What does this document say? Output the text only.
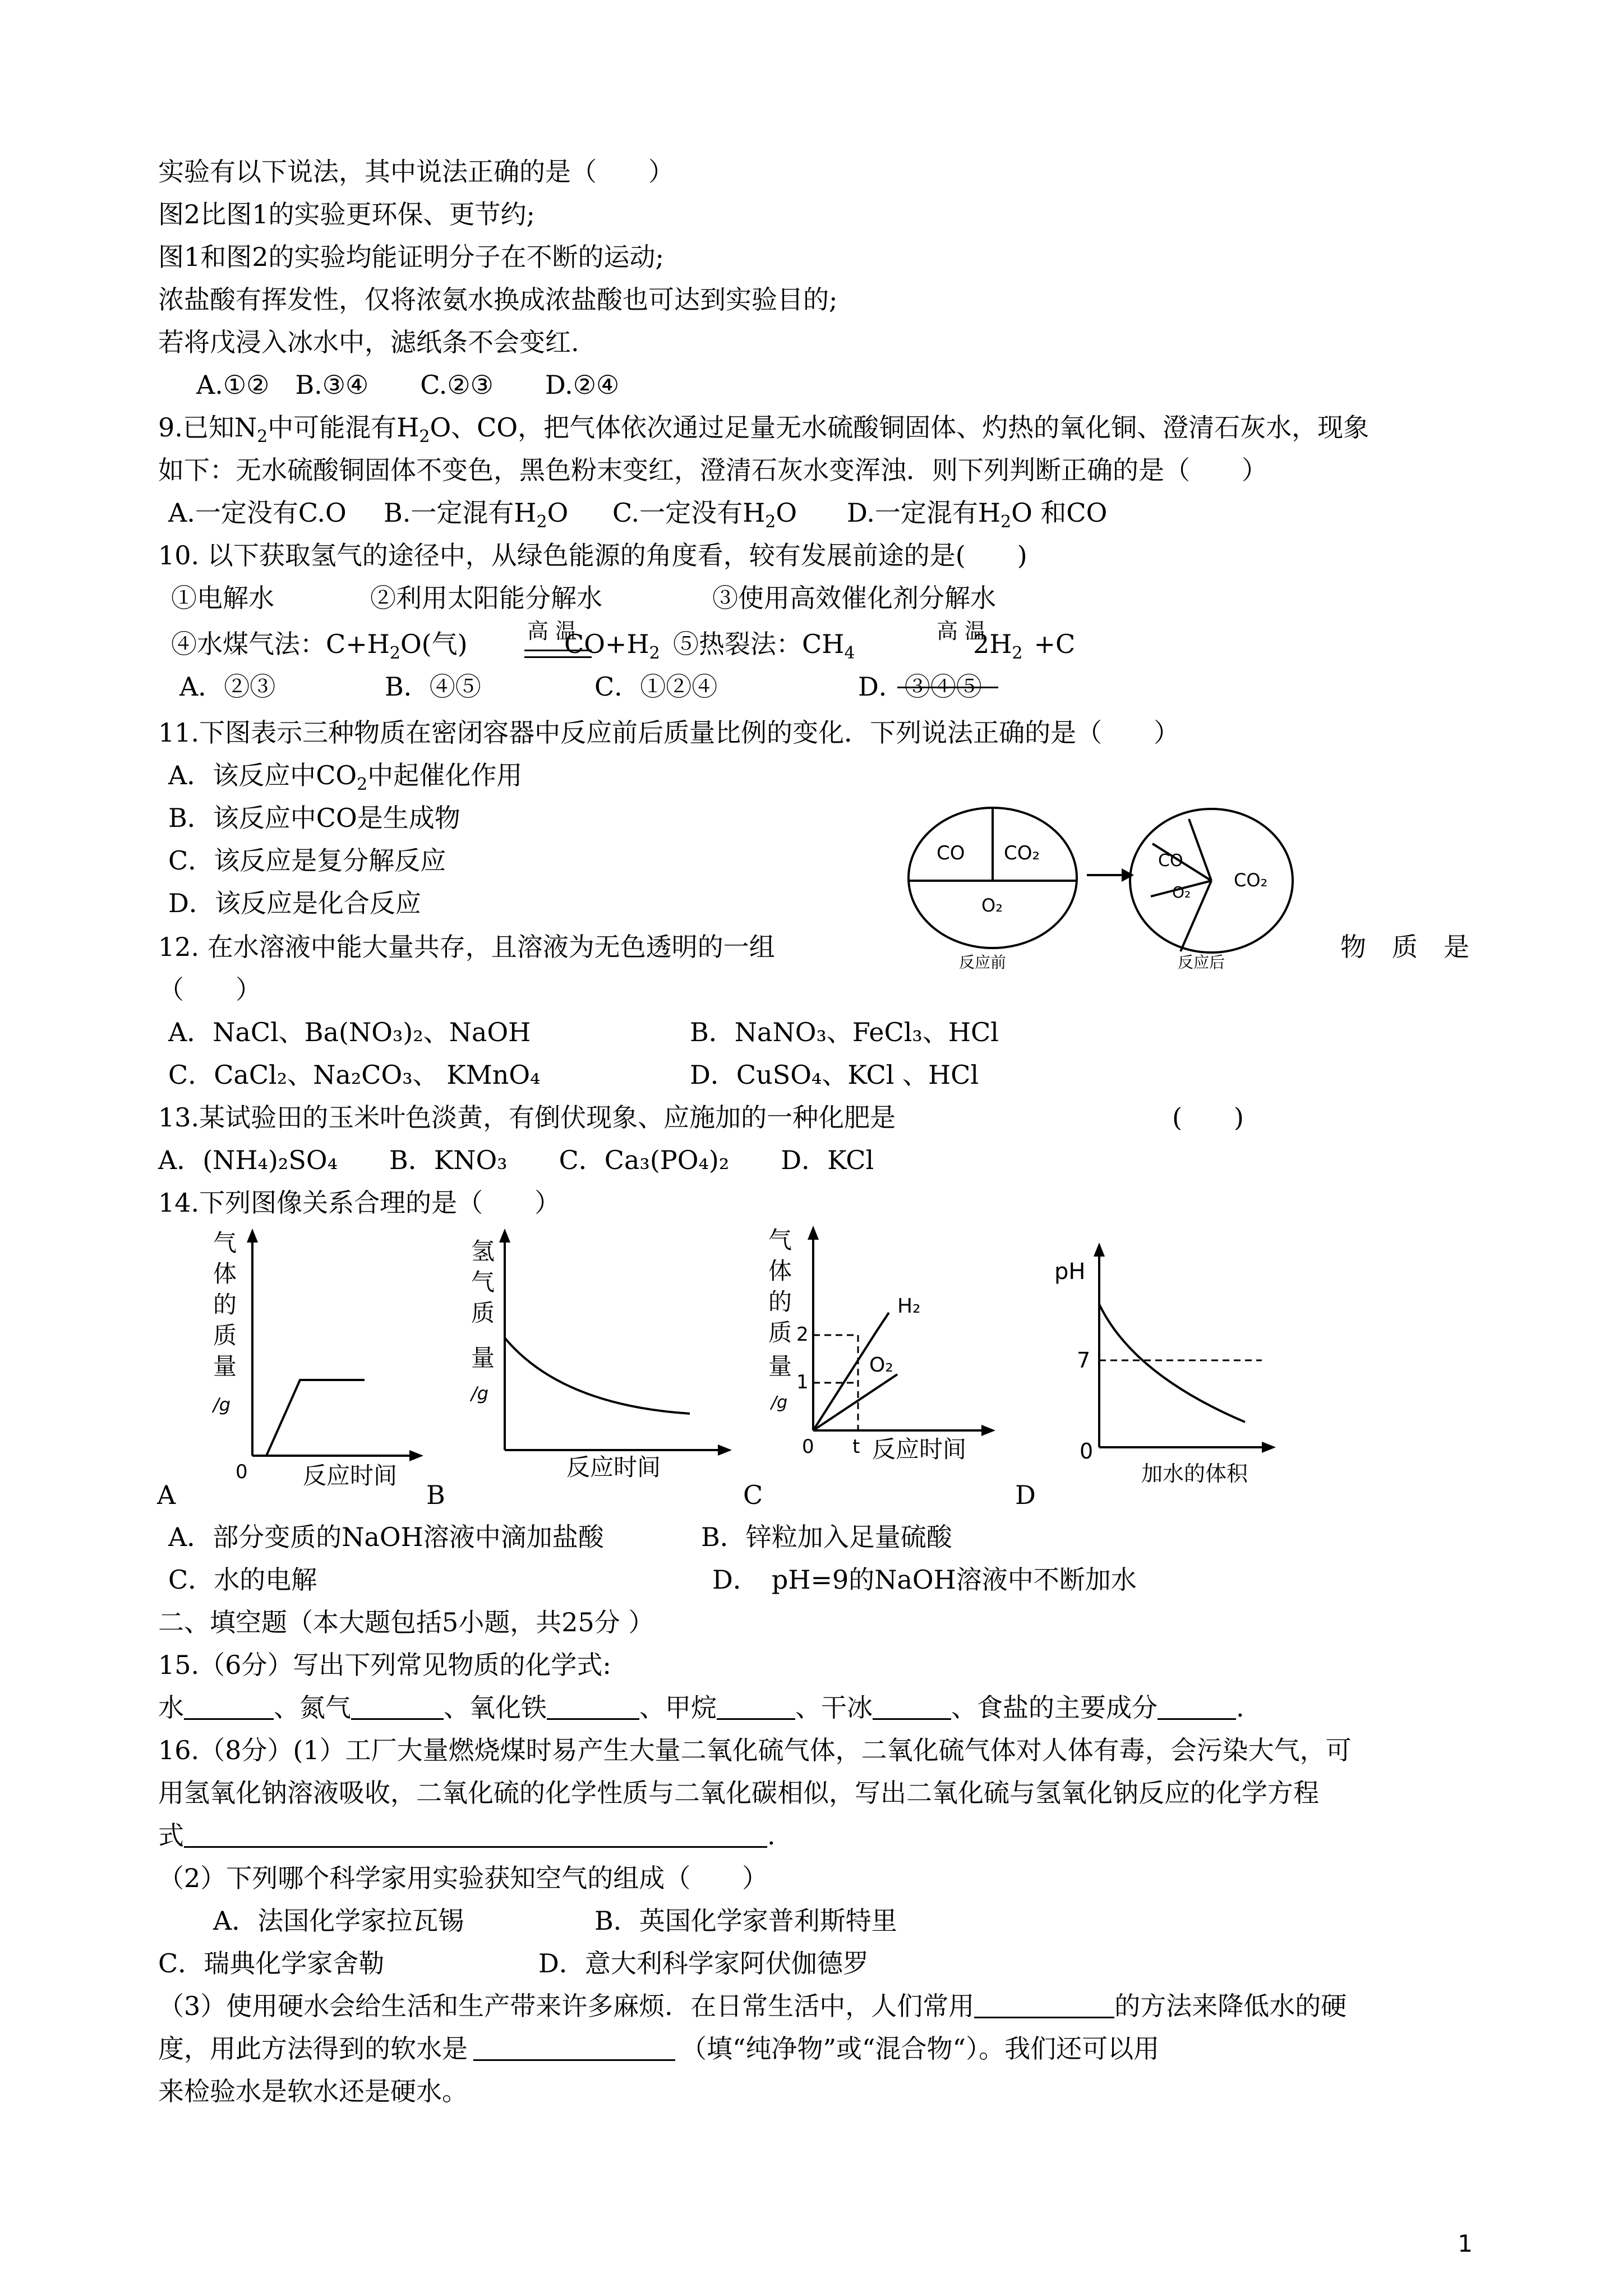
实验有以下说法，其中说法正确的是（　　）
图2比图1的实验更环保、更节约;
图1和图2的实验均能证明分子在不断的运动;
浓盐酸有挥发性，仅将浓氨水换成浓盐酸也可达到实验目的;
若将戊浸入冰水中，滤纸条不会变红.
A.①②　B.③④　　C.②③　　D.②④
9.已知$N_2$中可能混有$H_2O$、CO，把气体依次通过足量无水硫酸铜固体、灼热的氧化铜、澄清石灰水，现象
如下：无水硫酸铜固体不变色，黑色粉末变红，澄清石灰水变浑浊．则下列判断正确的是（　　）
A.一定没有C.O B.一定混有$H_2O$ C.一定没有$H_2O$ D.一定混有$H_2O$ 和CO
10. 以下获取氢气的途径中，从绿色能源的角度看，较有发展前途的是(　　)
①电解水	②利用太阳能分解水	③使用高效催化剂分解水
④水煤气法：$C+H_2O$(气)	高 温
$CO+H_2$ ⑤热裂法：$CH_4$
高 温
$2H_2 +C$
A．②③	B．④⑤	C．①②④	D．③④⑤
11.下图表示三种物质在密闭容器中反应前后质量比例的变化．下列说法正确的是（　　）
A．该反应中$CO_2$中起催化作用
B．该反应中CO是生成物
C．该反应是复分解反应
D．该反应是化合反应
CO CO₂
O₂
反应前
CO
O₂
CO₂
反应后
12. 在水溶液中能大量共存，且溶液为无色透明的一组	物　质　是
（　　）
A．NaCl、Ba(NO₃)₂、NaOH	B．NaNO₃、FeCl₃、HCl
C．CaCl₂、Na₂CO₃、 KMnO₄	D．CuSO₄、KCl 、HCl
13.某试验田的玉米叶色淡黄，有倒伏现象、应施加的一种化肥是	(　　)
A．(NH₄)₂SO₄　　B．KNO₃　　C．Ca₃(PO₄)₂　　D．KCl
14.下列图像关系合理的是（　　）
气
体
的
质
量
/g
0 反应时间
氢
气
质
量
/g
反应时间
气
体
的
质
量
/g
2
1
H₂
O₂
0 t 反应时间
pH
7
0
加水的体积
A	B	C	D
A．部分变质的NaOH溶液中滴加盐酸	B．锌粒加入足量硫酸
C．水的电解	D．　pH=9的NaOH溶液中不断加水
二、填空题（本大题包括5小题，共25分 ）
15.（6分）写出下列常见物质的化学式:
水	、氮气	、氧化铁	、甲烷	、干冰	、食盐的主要成分	.
16.（8分）(1）工厂大量燃烧煤时易产生大量二氧化硫气体，二氧化硫气体对人体有毒，会污染大气，可
用氢氧化钠溶液吸收，二氧化硫的化学性质与二氧化碳相似，写出二氧化硫与氢氧化钠反应的化学方程
式	.
（2）下列哪个科学家用实验获知空气的组成（　　）
A．法国化学家拉瓦锡	B．英国化学家普利斯特里
C．瑞典化学家舍勒	D．意大利科学家阿伏伽德罗
（3）使用硬水会给生活和生产带来许多麻烦．在日常生活中，人们常用	的方法来降低水的硬
度，用此方法得到的软水是	（填“纯净物”或“混合物“）。我们还可以用
来检验水是软水还是硬水。
1
